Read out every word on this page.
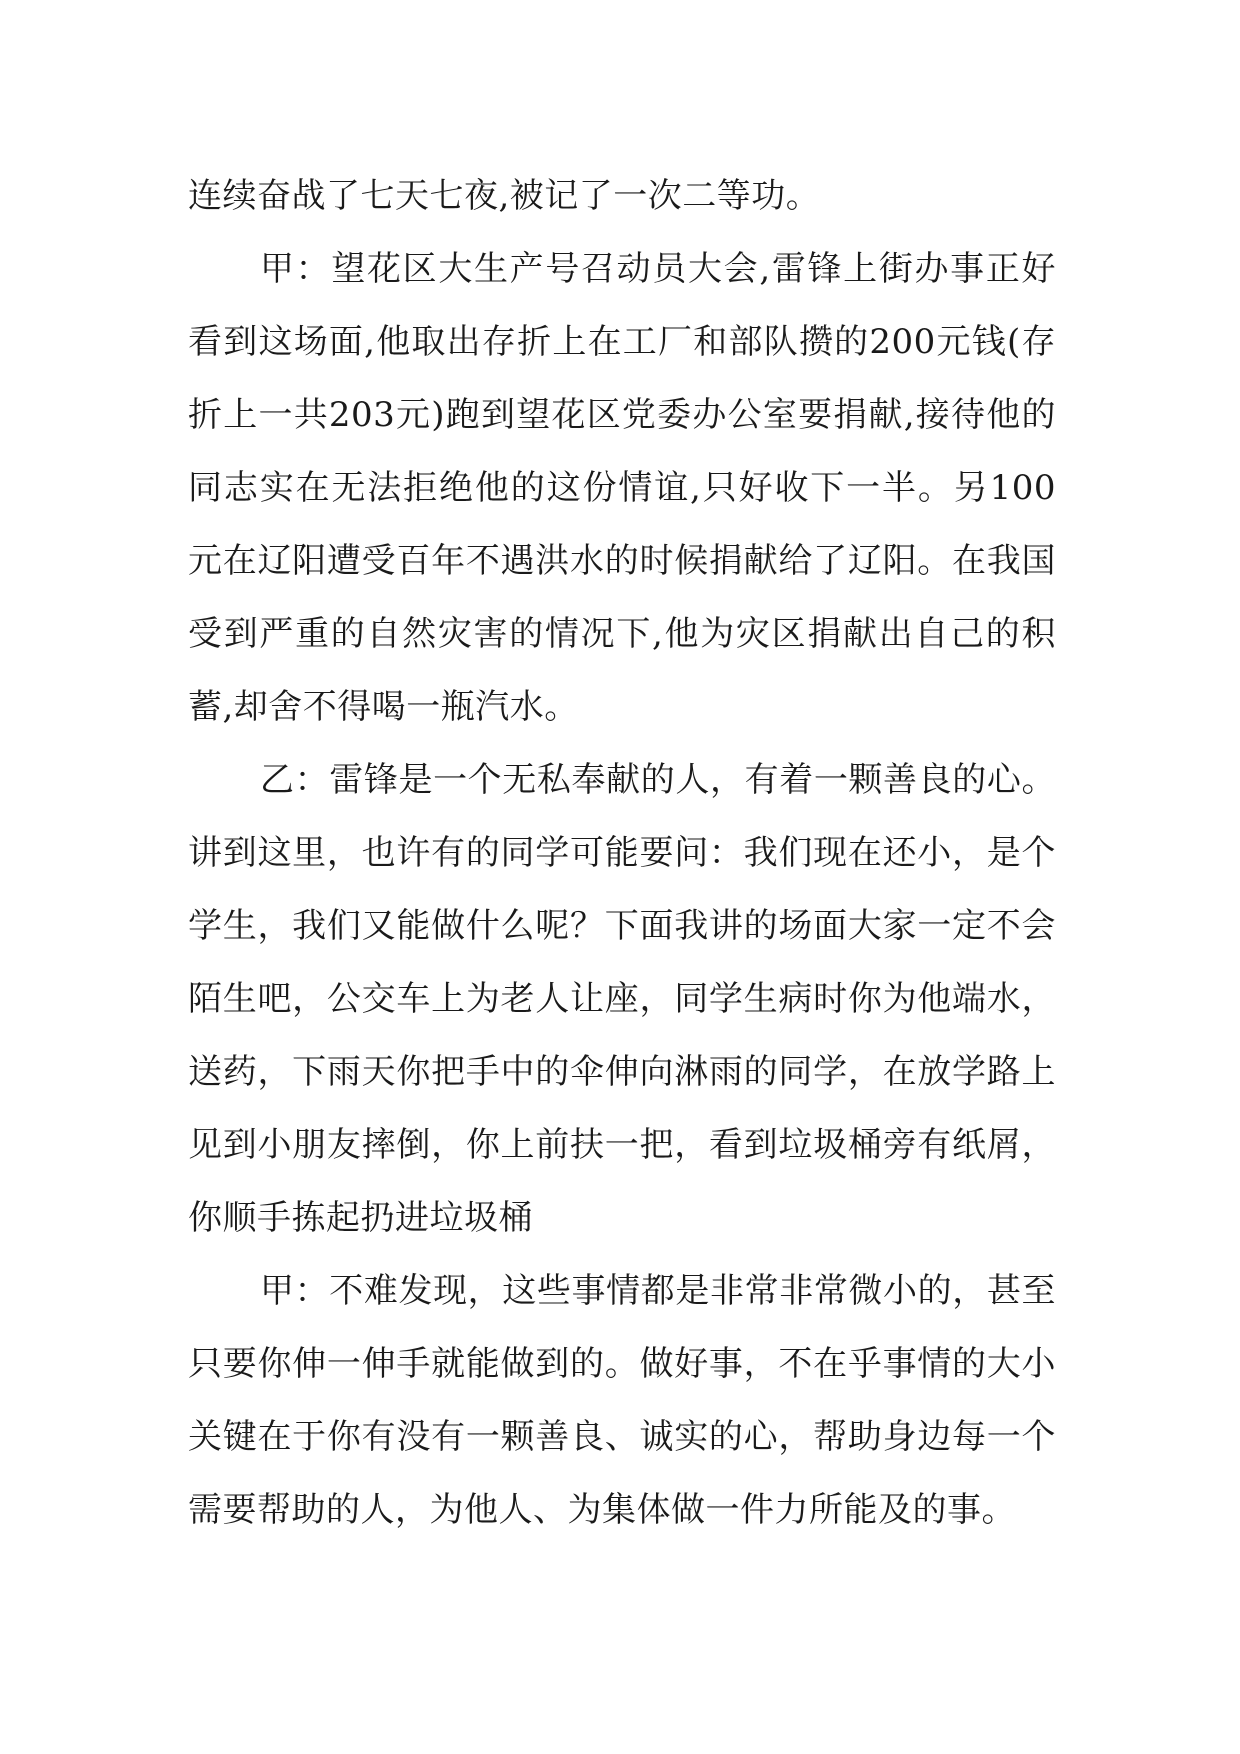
连续奋战了七天七夜,被记了一次二等功。

甲：望花区大生产号召动员大会,雷锋上街办事正好看到这场面,他取出存折上在工厂和部队攒的200元钱(存折上一共203元)跑到望花区党委办公室要捐献,接待他的同志实在无法拒绝他的这份情谊,只好收下一半。另100元在辽阳遭受百年不遇洪水的时候捐献给了辽阳。在我国受到严重的自然灾害的情况下,他为灾区捐献出自己的积蓄,却舍不得喝一瓶汽水。

乙：雷锋是一个无私奉献的人，有着一颗善良的心。讲到这里，也许有的同学可能要问：我们现在还小，是个学生，我们又能做什么呢？下面我讲的场面大家一定不会陌生吧，公交车上为老人让座，同学生病时你为他端水，送药，下雨天你把手中的伞伸向淋雨的同学，在放学路上见到小朋友摔倒，你上前扶一把，看到垃圾桶旁有纸屑，你顺手拣起扔进垃圾桶

甲：不难发现，这些事情都是非常非常微小的，甚至只要你伸一伸手就能做到的。做好事，不在乎事情的大小关键在于你有没有一颗善良、诚实的心，帮助身边每一个需要帮助的人，为他人、为集体做一件力所能及的事。
